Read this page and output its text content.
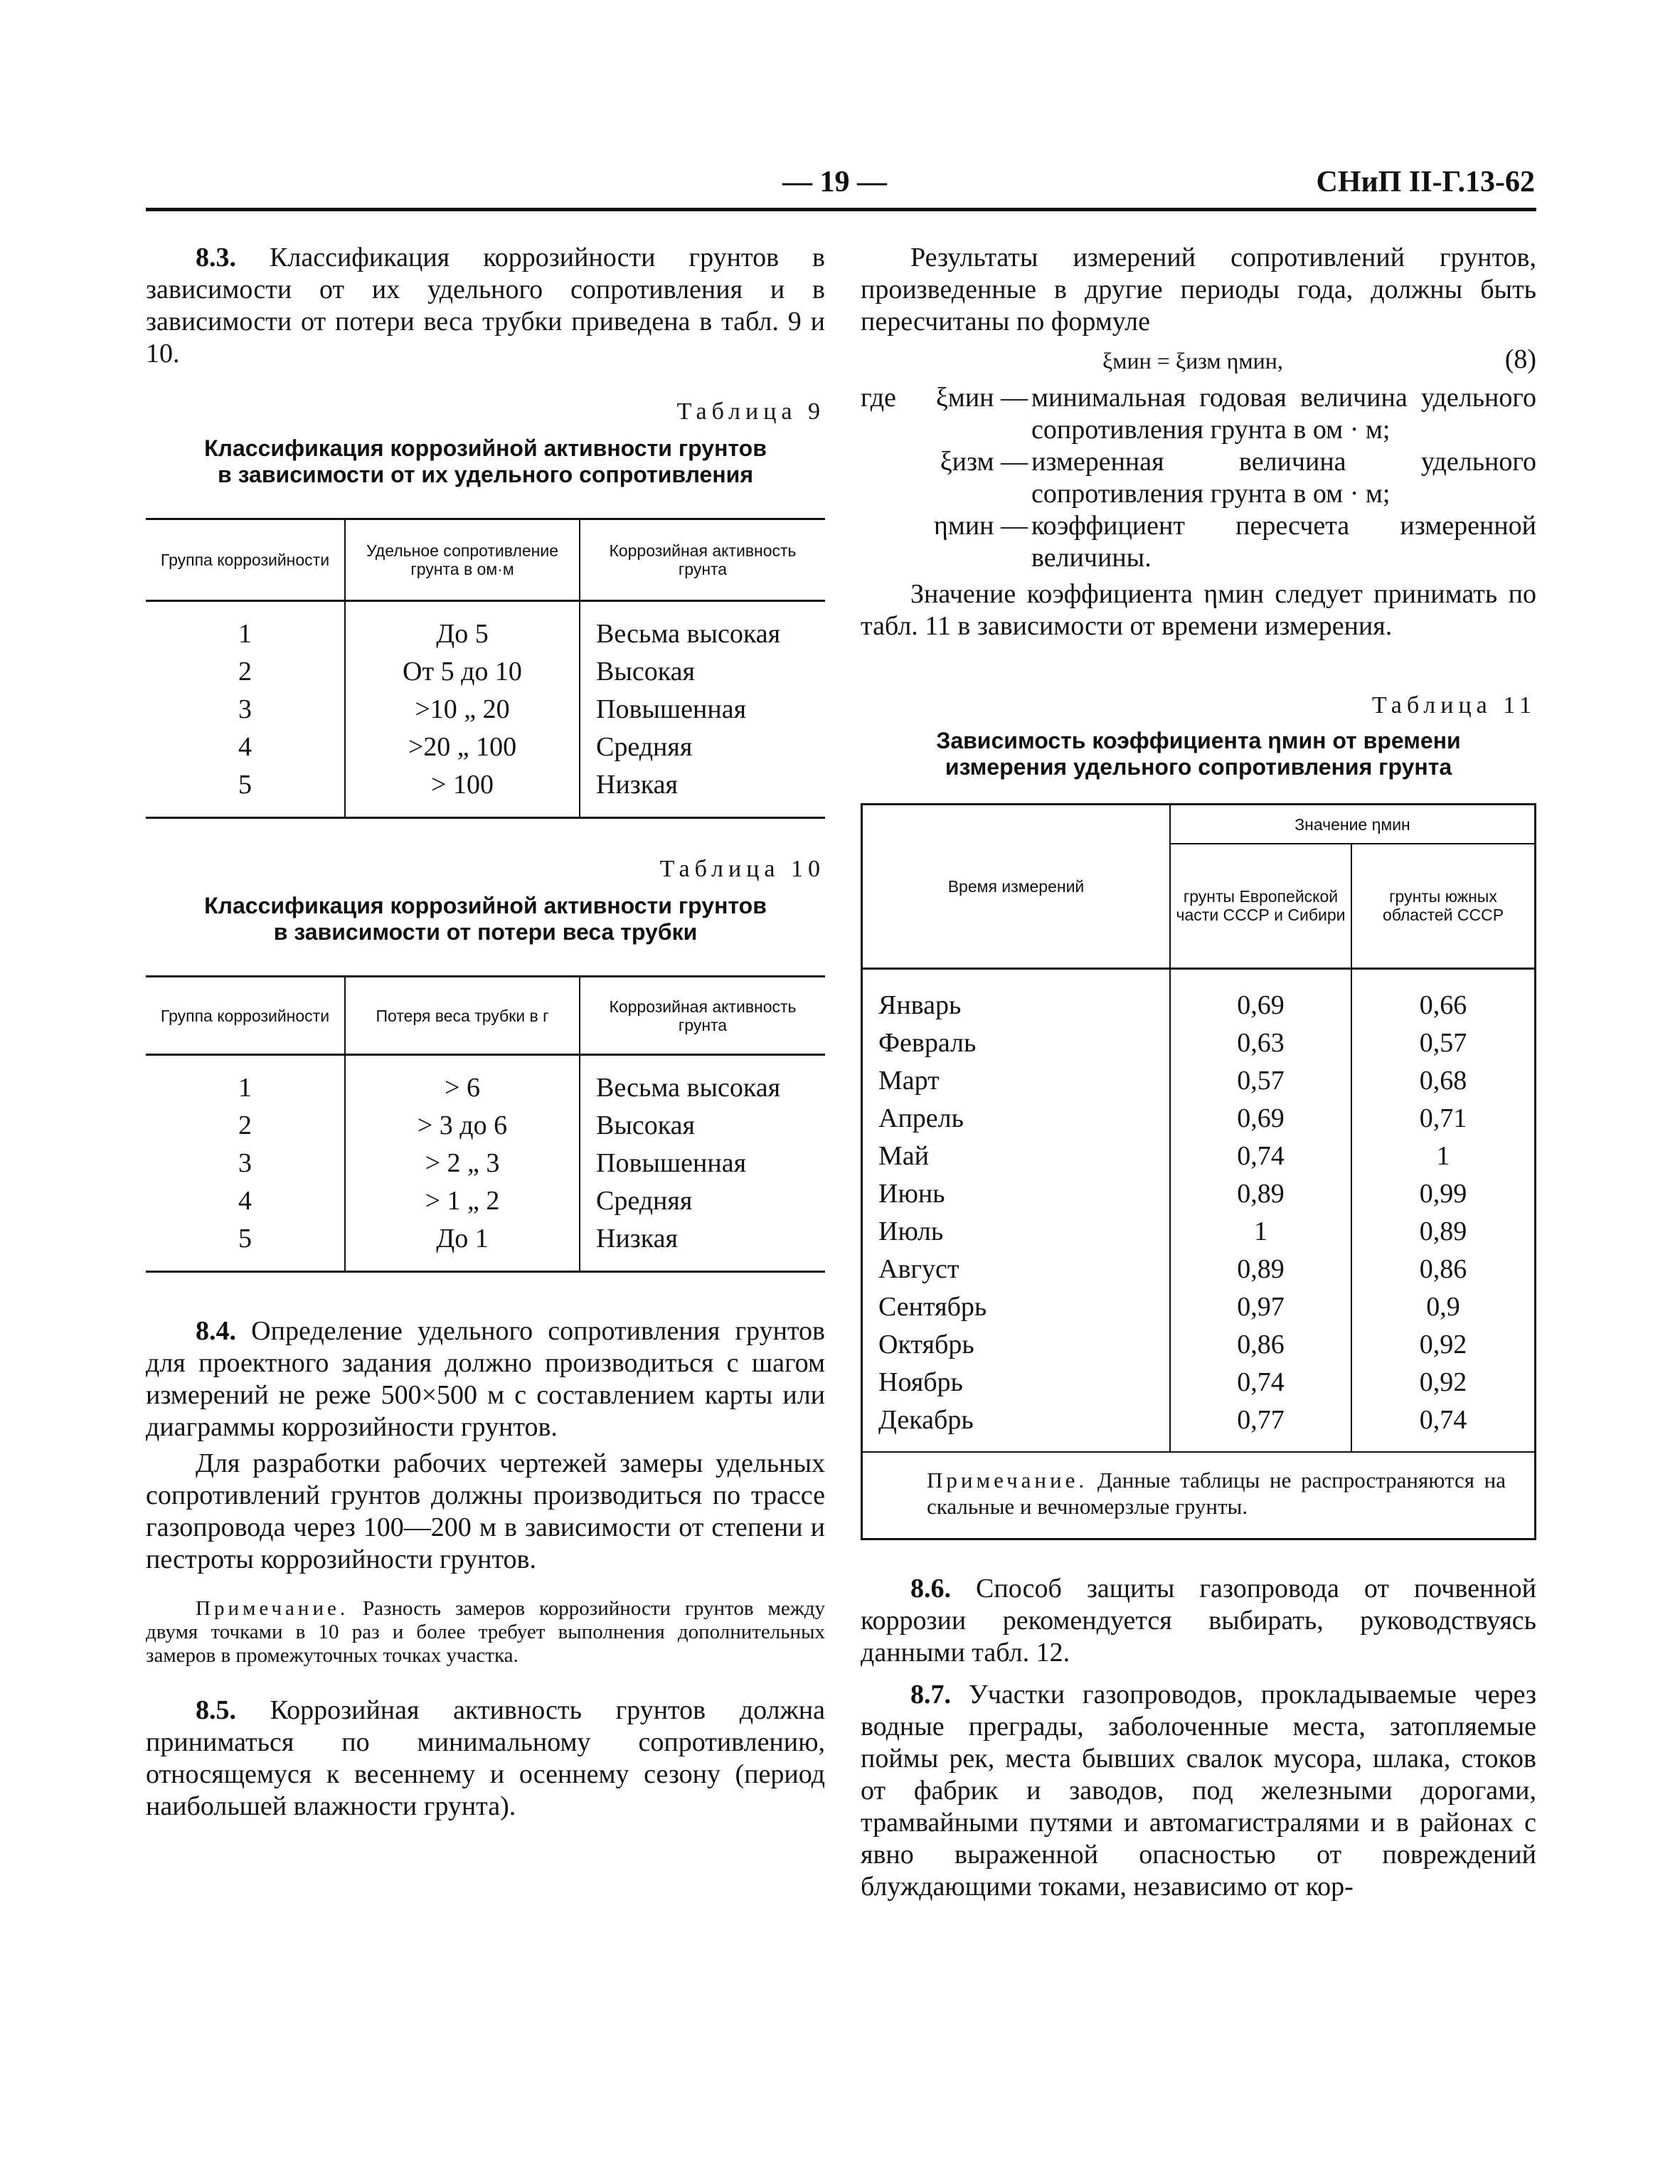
— 19 —	СНиП II-Г.13-62

8.3. Классификация коррозийности грунтов в зависимости от их удельного сопротивления и в зависимости от потери веса трубки приведена в табл. 9 и 10.

Таблица 9
Классификация коррозийной активности грунтов
в зависимости от их удельного сопротивления
Группа коррозийности	Удельное сопротивление грунта в ом·м	Коррозийная активность грунта

1	До 5	Весьма высокая
2	От 5 до 10	Высокая
3	>10 „ 20	Повышенная
4	>20 „ 100	Средняя
5	> 100	Низкая

Таблица 10
Классификация коррозийной активности грунтов
в зависимости от потери веса трубки
Группа коррозийности	Потеря веса трубки в г	Коррозийная активность грунта

1	> 6	Весьма высокая
2	> 3 до 6	Высокая
3	> 2 „ 3	Повышенная
4	> 1 „ 2	Средняя
5	До 1	Низкая

8.4. Определение удельного сопротивления грунтов для проектного задания должно производиться с шагом измерений не реже 500×500 м с составлением карты или диаграммы коррозийности грунтов.

Для разработки рабочих чертежей замеры удельных сопротивлений грунтов должны производиться по трассе газопровода через 100—200 м в зависимости от степени и пестроты коррозийности грунтов.

Примечание. Разность замеров коррозийности грунтов между двумя точками в 10 раз и более требует выполнения дополнительных замеров в промежуточных точках участка.

8.5. Коррозийная активность грунтов должна приниматься по минимальному сопротивлению, относящемуся к весеннему и осеннему сезону (период наибольшей влажности грунта).

Результаты измерений сопротивлений грунтов, произведенные в другие периоды года, должны быть пересчитаны по формуле

ξмин = ξизм ηмин,	(8)
где	ξмин — минимальная годовая величина удельного сопротивления грунта в ом · м;
ξизм — измеренная величина удельного сопротивления грунта в ом · м;
ηмин — коэффициент пересчета измеренной величины.

Значение коэффициента ηмин следует принимать по табл. 11 в зависимости от времени измерения.

Таблица 11
Зависимость коэффициента ηмин от времени
измерения удельного сопротивления грунта
Время измерений	Значение ηмин	
	грунты Европейской части СССР и Сибири	грунты южных областей СССР

Январь	0,69	0,66
Февраль	0,63	0,57
Март	0,57	0,68
Апрель	0,69	0,71
Май	0,74	1
Июнь	0,89	0,99
Июль	1	0,89
Август	0,89	0,86
Сентябрь	0,97	0,9
Октябрь	0,86	0,92
Ноябрь	0,74	0,92
Декабрь	0,77	0,74

Примечание. Данные таблицы не распространяются на скальные и вечномерзлые грунты.

8.6. Способ защиты газопровода от почвенной коррозии рекомендуется выбирать, руководствуясь данными табл. 12.

8.7. Участки газопроводов, прокладываемые через водные преграды, заболоченные места, затопляемые поймы рек, места бывших свалок мусора, шлака, стоков от фабрик и заводов, под железными дорогами, трамвайными путями и автомагистралями и в районах с явно выраженной опасностью от повреждений блуждающими токами, независимо от кор-
